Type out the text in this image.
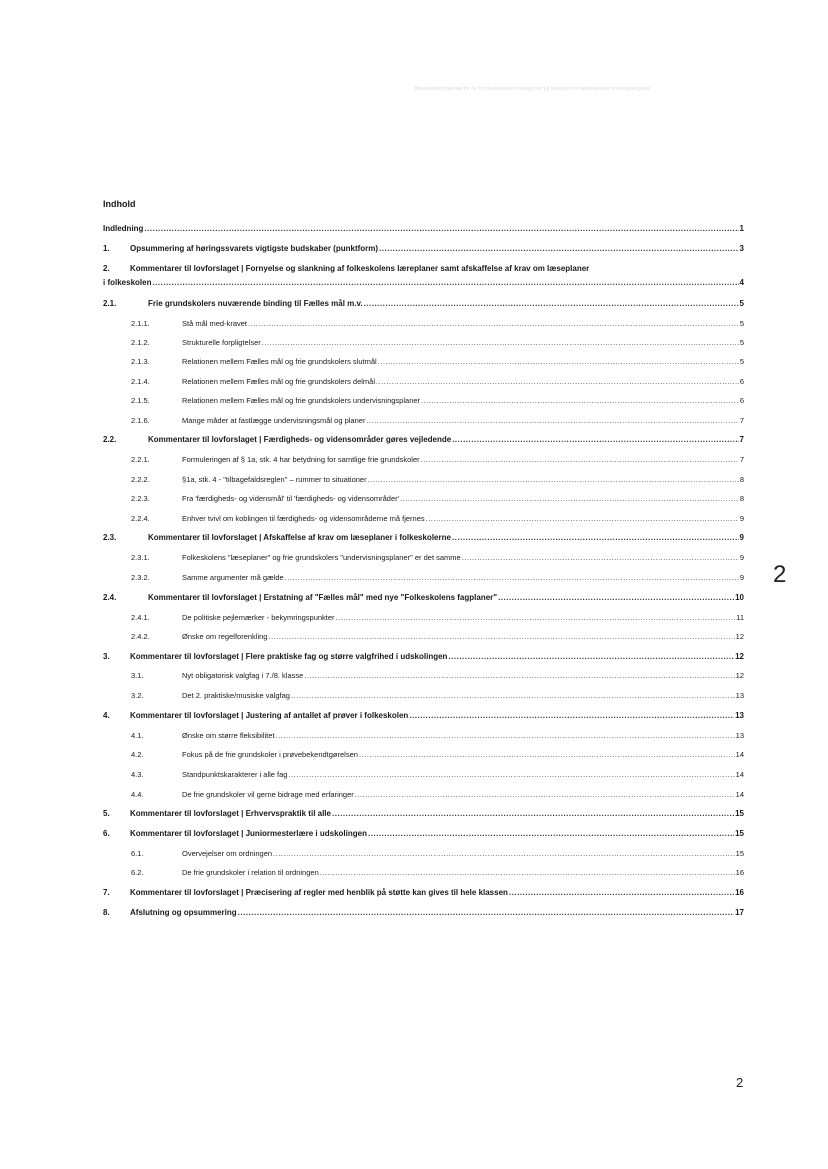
Brevhåndteringsnotat for de frie grundskolers høringssvar på forslaget om fællesskolens kontrolgevegøren
Indhold
Indledning .....	1
1.	Opsummering af høringssvarets vigtigste budskaber (punktform) .....	3
2.	Kommentarer til lovforslaget | Fornyelse og slankning af folkeskolens læreplaner samt afskaffelse af krav om læseplaner
i folkeskolen .....	4
2.1.	Frie grundskolers nuværende binding til Fælles mål m.v. .....	5
2.1.1.	Stå mål med-kravet .....	5
2.1.2.	Strukturelle forpligtelser .....	5
2.1.3.	Relationen mellem Fælles mål og frie grundskolers slutmål .....	5
2.1.4.	Relationen mellem Fælles mål og frie grundskolers delmål .....	6
2.1.5.	Relationen mellem Fælles mål og frie grundskolers undervisningsplaner .....	6
2.1.6.	Mange måder at fastlægge undervisningsmål og planer .....	7
2.2.	Kommentarer til lovforslaget | Færdigheds- og vidensområder gøres vejledende .....	7
2.2.1.	Formuleringen af § 1a, stk. 4 har betydning for samtlige frie grundskoler .....	7
2.2.2.	§1a, stk. 4 - "tilbagefaldsreglen" – rummer to situationer .....	8
2.2.3.	Fra 'færdigheds- og vidensmål' til 'færdigheds- og vidensområder' .....	8
2.2.4.	Enhver tvivl om koblingen til færdigheds- og vidensområderne må fjernes .....	9
2.3.	Kommentarer til lovforslaget | Afskaffelse af krav om læseplaner i folkeskolerne .....	9
2.3.1.	Folkeskolens "læseplaner" og frie grundskolers "undervisningsplaner" er det samme .....	9
2.3.2.	Samme argumenter må gælde .....	9
2.4.	Kommentarer til lovforslaget | Erstatning af "Fælles mål" med nye "Folkeskolens fagplaner" .....	10
2.4.1.	De politiske pejlemærker - bekymringspunkter .....	11
2.4.2.	Ønske om regelforenkling .....	12
3.	Kommentarer til lovforslaget | Flere praktiske fag og større valgfrihed i udskolingen .....	12
3.1.	Nyt obligatorisk valgfag i 7./8. klasse .....	12
3.2.	Det 2. praktiske/musiske valgfag .....	13
4.	Kommentarer til lovforslaget | Justering af antallet af prøver i folkeskolen .....	13
4.1.	Ønske om større fleksibilitet .....	13
4.2.	Fokus på de frie grundskoler i prøvebekendtgørelsen .....	14
4.3.	Standpunktskarakterer i alle fag .....	14
4.4.	De frie grundskoler vil gerne bidrage med erfaringer .....	14
5.	Kommentarer til lovforslaget | Erhvervspraktik til alle .....	15
6.	Kommentarer til lovforslaget | Juniormesterlære i udskolingen .....	15
6.1.	Overvejelser om ordningen .....	15
6.2.	De frie grundskoler i relation til ordningen .....	16
7.	Kommentarer til lovforslaget | Præcisering af regler med henblik på støtte kan gives til hele klassen .....	16
8.	Afslutning og opsummering .....	17
2
2
